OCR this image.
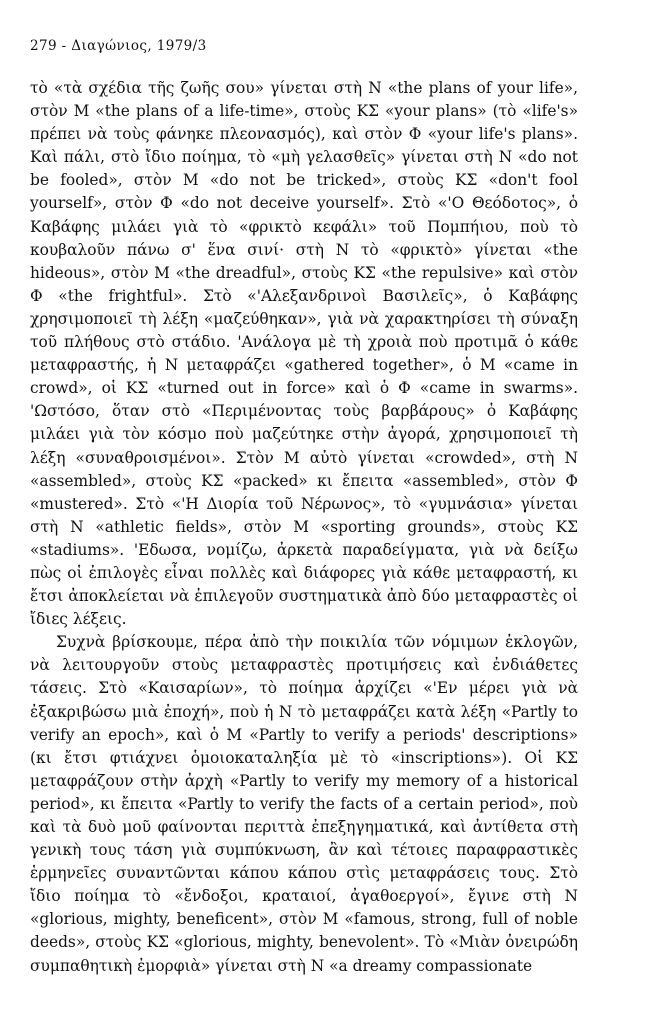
279 - Διαγώνιος, 1979/3

τὸ «τὰ σχέδια τῆς ζωῆς σου» γίνεται στὴ N «the plans of your life», στὸν M «the plans of a life-time», στοὺς ΚΣ «your plans» (τὸ «life's» πρέπει νὰ τοὺς φάνηκε πλεονασμός), καὶ στὸν Φ «your life's plans». Καὶ πάλι, στὸ ἴδιο ποίημα, τὸ «μὴ γελασθεῖς» γίνεται στὴ N «do not be fooled», στὸν M «do not be tricked», στοὺς ΚΣ «don't fool yourself», στὸν Φ «do not deceive yourself». Στὸ «'Ο Θεόδοτος», ὁ Καβάφης μιλάει γιὰ τὸ «φρικτὸ κεφάλι» τοῦ Πομπήιου, ποὺ τὸ κουβαλοῦν πάνω σ' ἕνα σινί· στὴ N τὸ «φρικτὸ» γίνεται «the hideous», στὸν M «the dreadful», στοὺς ΚΣ «the repulsive» καὶ στὸν Φ «the frightful». Στὸ «'Αλεξανδρινοὶ Βασιλεῖς», ὁ Καβάφης χρησιμοποιεῖ τὴ λέξη «μαζεύθηκαν», γιὰ νὰ χαρακτηρίσει τὴ σύναξη τοῦ πλήθους στὸ στάδιο. 'Ανάλογα μὲ τὴ χροιὰ ποὺ προτιμᾶ ὁ κάθε μεταφραστής, ἡ N μεταφράζει «gathered together», ὁ M «came in crowd», οἱ ΚΣ «turned out in force» καὶ ὁ Φ «came in swarms». 'Ωστόσο, ὅταν στὸ «Περιμένοντας τοὺς βαρβάρους» ὁ Καβάφης μιλάει γιὰ τὸν κόσμο ποὺ μαζεύτηκε στὴν ἀγορά, χρησιμοποιεῖ τὴ λέξη «συναθροισμένοι». Στὸν M αὐτὸ γίνεται «crowded», στὴ N «assembled», στοὺς ΚΣ «packed» κι ἔπειτα «assembled», στὸν Φ «mustered». Στὸ «'Η Διορία τοῦ Νέρωνος», τὸ «γυμνάσια» γίνεται στὴ N «athletic fields», στὸν M «sporting grounds», στοὺς ΚΣ «stadiums». 'Εδωσα, νομίζω, ἀρκετὰ παραδείγματα, γιὰ νὰ δείξω πὼς οἱ ἐπιλογὲς εἶναι πολλὲς καὶ διάφορες γιὰ κάθε μεταφραστή, κι ἔτσι ἀποκλείεται νὰ ἐπιλεγοῦν συστηματικὰ ἀπὸ δύο μεταφραστὲς οἱ ἴδιες λέξεις.

Συχνὰ βρίσκουμε, πέρα ἀπὸ τὴν ποικιλία τῶν νόμιμων ἐκλογῶν, νὰ λειτουργοῦν στοὺς μεταφραστὲς προτιμήσεις καὶ ἐνδιάθετες τάσεις. Στὸ «Καισαρίων», τὸ ποίημα ἀρχίζει «'Εν μέρει γιὰ νὰ ἐξακριβώσω μιὰ ἐποχή», ποὺ ἡ N τὸ μεταφράζει κατὰ λέξη «Partly to verify an epoch», καὶ ὁ M «Partly to verify a periods' descriptions» (κι ἔτσι φτιάχνει ὁμοιοκαταληξία μὲ τὸ «inscriptions»). Οἱ ΚΣ μεταφράζουν στὴν ἀρχὴ «Partly to verify my memory of a historical period», κι ἔπειτα «Partly to verify the facts of a certain period», ποὺ καὶ τὰ δυὸ μοῦ φαίνονται περιττὰ ἐπεξηγηματικά, καὶ ἀντίθετα στὴ γενικὴ τους τάση γιὰ συμπύκνωση, ἂν καὶ τέτοιες παραφραστικὲς ἑρμηνεῖες συναντῶνται κάπου κάπου στὶς μεταφράσεις τους. Στὸ ἴδιο ποίημα τὸ «ἔνδοξοι, κραταιοί, ἀγαθοεργοί», ἔγινε στὴ N «glorious, mighty, beneficent», στὸν M «famous, strong, full of noble deeds», στοὺς ΚΣ «glorious, mighty, benevolent». Τὸ «Μιὰν ὀνειρώδη συμπαθητικὴ ἐμορφιὰ» γίνεται στὴ N «a dreamy compassionate
